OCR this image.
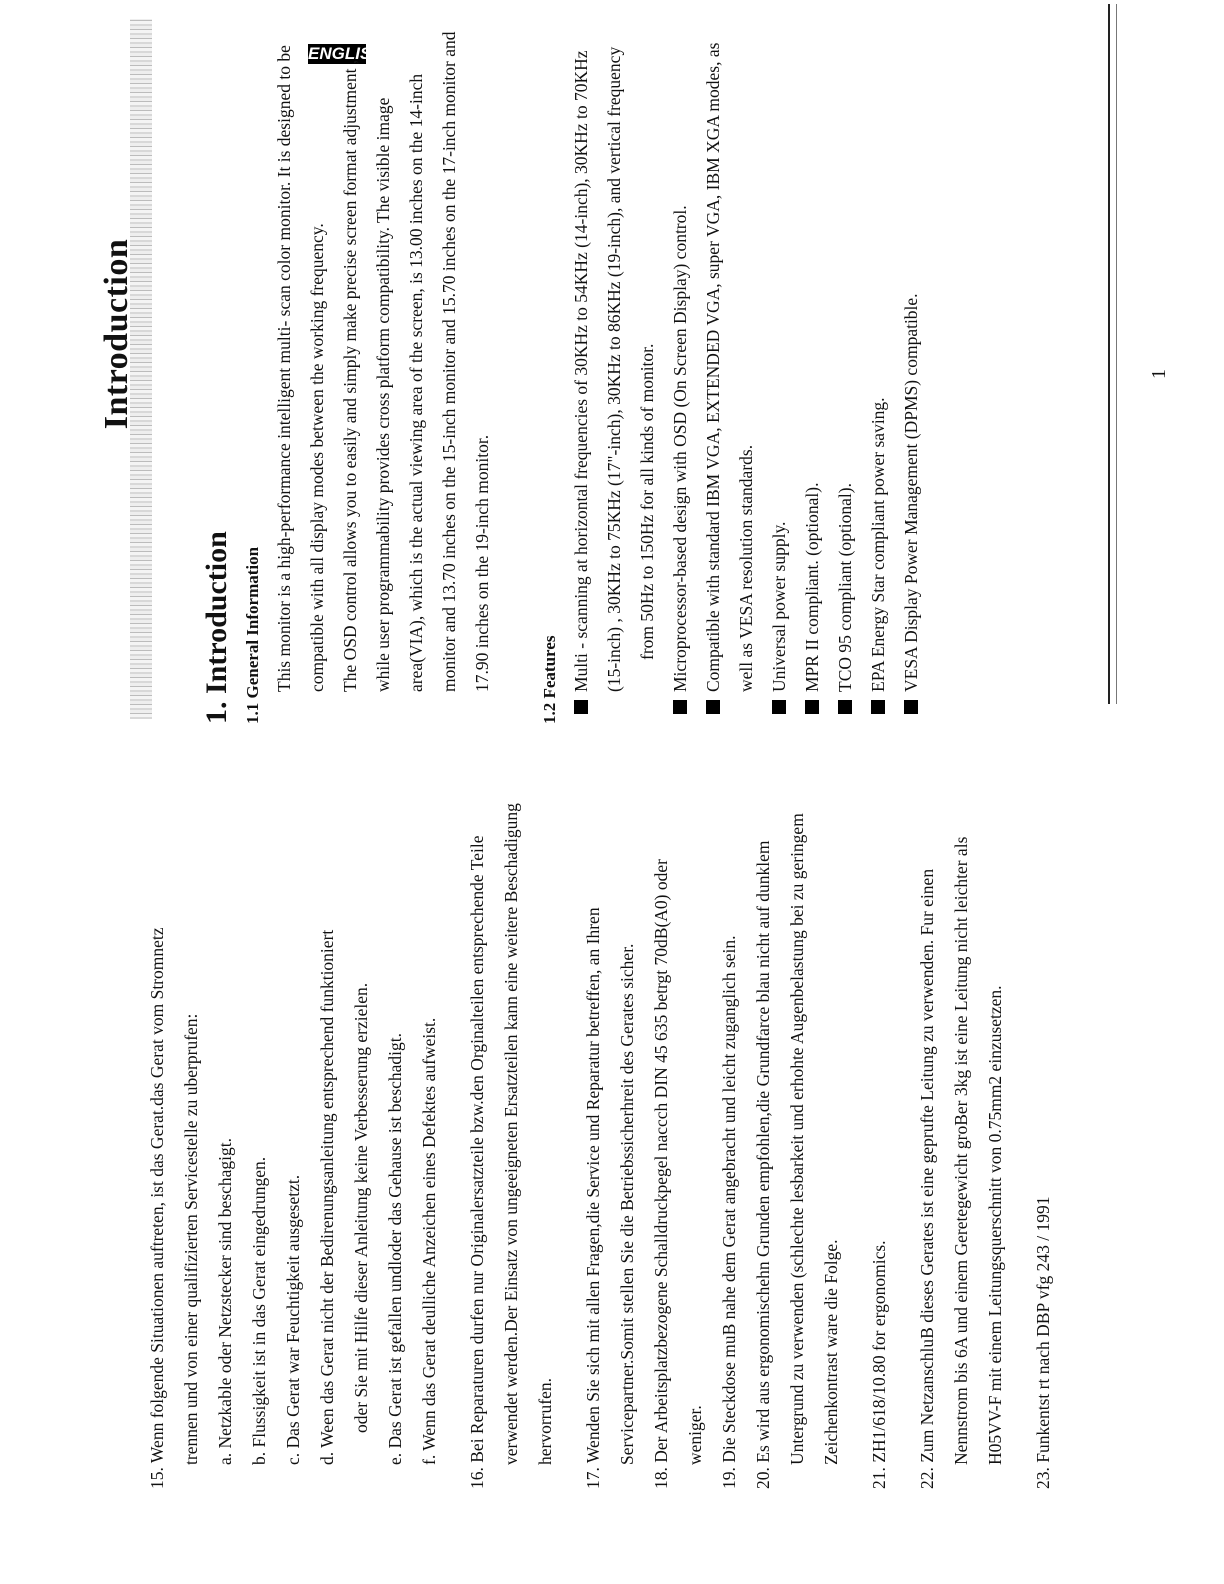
Introduction
ENGLISH

15. Wenn folgende Situationen auftreten, ist das Gerat.das Gerat vom Stromnetz trennen und von einer qualifizierten Servicestelle zu uberprufen: a. Netzkable oder Netzstecker sind beschagigt. b. Flussigkeit ist in das Gerat eingedrungen. c. Das Gerat war Feuchtigkeit ausgesetzt. d. Ween das Gerat nicht der Bedirenungsanleitung entsprechend funktioniert oder Sie mit Hilfe dieser Anleitung keine Verbesserung erzielen. e. Das Gerat ist gefallen undloder das Gehause ist beschadigt. f. Wenn das Gerat deulliche Anzeichen eines Defektes aufweist.	16. Bei Reparaturen durfen nur Originalersatzteile bzw.den Orginalteilen entsprechende Teile verwendet werden.Der Einsatz von ungeeigneten Ersatzteilen kann eine weitere Beschadigung hervorrufen.	17. Wenden Sie sich mit allen Fragen,die Service und Reparatur betreffen, an Ihren Servicepartner.Somit stellen Sie die Betriebssicherhreit des Gerates sicher. 18. Der Arbeitsplatzbezogene Schalldruckpegel naccch DIN 45 635 betrgt 70dB(A0) oder weniger. 19. Die Steckdose muB nahe dem Gerat angebracht und leicht zuganglich sein. 20. Es wird aus ergonomischehn Grunden empfohlen,die Grundfarce blau nicht auf dunklem Untergrund zu verwenden (schlechte lesbarkeit und erhohte Augenbelastung bei zu geringem Zeichenkontrast ware die Folge.	21. ZH1/618/10.80 for ergonomics.	22. Zum NetzanschluB dieses Gerates ist eine geprufte Leitung zu verwenden. Fur einen Nennstrom bis 6A und einem Geretegewicht groBer 3kg ist eine Leitung nicht leichter als H05VV-F mit einem Leitungsquerschnitt von 0.75mm2 einzusetzen.	23. Funkentst rt nach DBP vfg 243 / 1991

1. Introduction 1.1 General Information This monitor is a high-performance intelligent multi- scan color monitor. It is designed to be compatible with all display modes between the working frequency. The OSD control allows you to easily and simply make precise screen format adjustment , while user programmability provides cross platform compatibility. The visible image area(VIA), which is the actual viewing area of the screen, is 13.00 inches on the 14-inch monitor and 13.70 inches on the 15-inch monitor and 15.70 inches on the 17-inch monitor and 17.90 inches on the 19-inch monitor.	1.2 Features Multi - scanning at horizontal frequencies of 30KHz to 54KHz (14-inch), 30KHz to 70KHz (15-inch) , 30KHz to 75KHz (17"-inch), 30KHz to 86KHz (19-inch), and vertical frequency from 50Hz to 150Hz for all kinds of monitor. Microprocessor-based design with OSD (On Screen Display) control. Compatible with standard IBM VGA, EXTENDED VGA, super VGA, IBM XGA modes, as well as VESA resolution standards. Universal power supply. MPR II compliant. (optional). TCO 95 compliant (optional). EPA Energy Star compliant power saving. VESA Display Power Management (DPMS) compatible.	1
